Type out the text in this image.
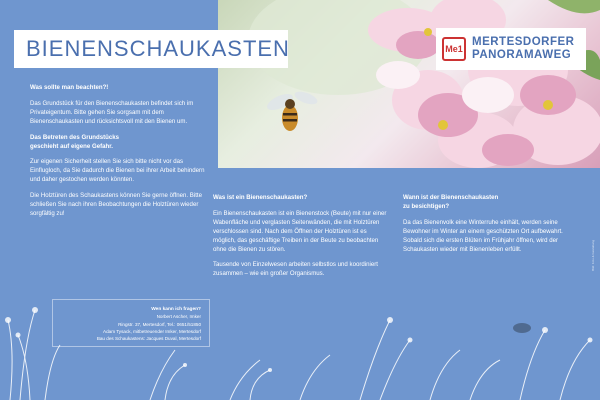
BIENENSCHAUKASTEN	Me1
MERTESDORFER
PANORAMAWEG

Was sollte man beachten?!

Das Grundstück für den Bienenschaukasten befindet sich im Privateigentum. Bitte gehen Sie sorgsam mit dem Bienenschaukasten und rücksichtsvoll mit den Bienen um.

Das Betreten des Grundstücks
geschieht auf eigene Gefahr.

Zur eigenen Sicherheit stellen Sie sich bitte nicht vor das Einflugloch, da Sie dadurch die Bienen bei ihrer Arbeit behindern und daher gestochen werden könnten.

Die Holztüren des Schaukastens können Sie gerne öffnen. Bitte schließen Sie nach ihren Beobachtungen die Holztüren wieder sorgfältig zu!

Was ist ein Bienenschaukasten?

Ein Bienenschaukasten ist ein Bienenstock (Beute) mit nur einer Wabenfläche und verglasten Seitenwänden, die mit Holztüren verschlossen sind. Nach dem Öffnen der Holztüren ist es möglich, das geschäftige Treiben in der Beute zu beobachten ohne die Bienen zu stören.

Tausende von Einzelwesen arbeiten selbstlos und koordiniert zusammen – wie ein großer Organismus.

Wann ist der Bienenschaukasten
zu besichtigen?

Da das Bienenvolk eine Winterruhe einhält, werden seine Bewohner im Winter an einem geschützten Ort aufbewahrt. Sobald sich die ersten Blüten im Frühjahr öffnen, wird der Schaukasten wieder mit Bienenleben erfüllt.

Wen kann ich fragen?
Norbert Ascher, Imker
Ringstr. 37, Mertesdorf, Tel.: 0651/51850
Adam Tysack, mitbetreuender Imker, Mertesdorf
Bau des Schaukastens: Jacques Duval, Mertesdorf
Bild: Foto & Gestaltung
